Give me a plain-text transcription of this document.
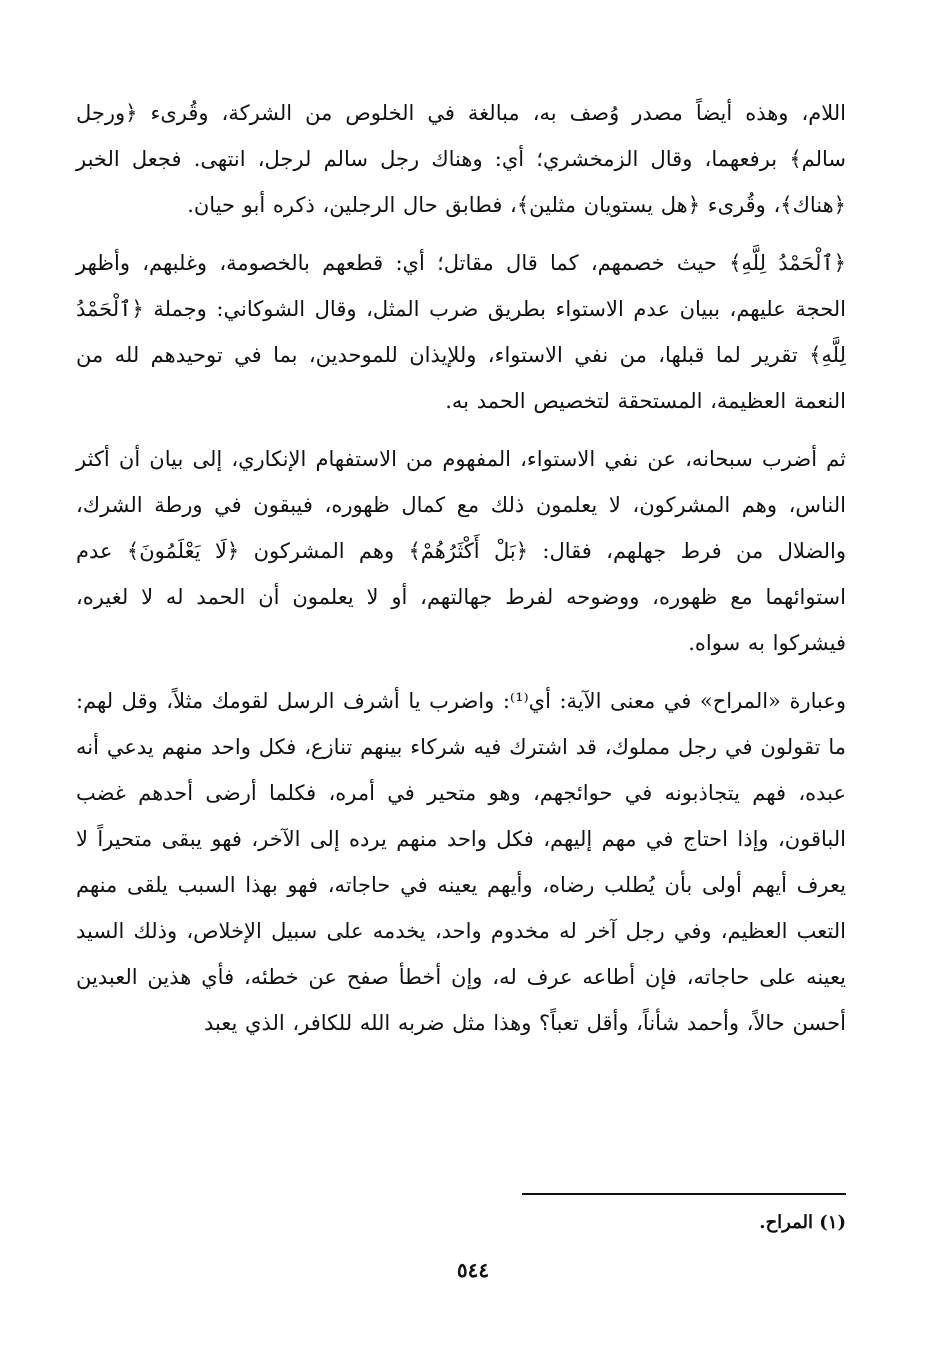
اللام، وهذه أيضاً مصدر وُصف به، مبالغة في الخلوص من الشركة، وقُرىء ﴿ورجل سالم﴾ برفعهما، وقال الزمخشري؛ أي: وهناك رجل سالم لرجل، انتهى. فجعل الخبر ﴿هناك﴾، وقُرىء ﴿هل يستويان مثلين﴾، فطابق حال الرجلين، ذكره أبو حيان.

﴿ٱلْحَمْدُ لِلَّهِ﴾ حيث خصمهم، كما قال مقاتل؛ أي: قطعهم بالخصومة، وغلبهم، وأظهر الحجة عليهم، ببيان عدم الاستواء بطريق ضرب المثل، وقال الشوكاني: وجملة ﴿ٱلْحَمْدُ لِلَّهِ﴾ تقرير لما قبلها، من نفي الاستواء، وللإيذان للموحدين، بما في توحيدهم لله من النعمة العظيمة، المستحقة لتخصيص الحمد به.

ثم أضرب سبحانه، عن نفي الاستواء، المفهوم من الاستفهام الإنكاري، إلى بيان أن أكثر الناس، وهم المشركون، لا يعلمون ذلك مع كمال ظهوره، فيبقون في ورطة الشرك، والضلال من فرط جهلهم، فقال: ﴿بَلْ أَكْثَرُهُمْ﴾ وهم المشركون ﴿لَا يَعْلَمُونَ﴾ عدم استوائهما مع ظهوره، ووضوحه لفرط جهالتهم، أو لا يعلمون أن الحمد له لا لغيره، فيشركوا به سواه.

وعبارة «المراح» في معنى الآية: أي⁽¹⁾: واضرب يا أشرف الرسل لقومك مثلاً، وقل لهم: ما تقولون في رجل مملوك، قد اشترك فيه شركاء بينهم تنازع، فكل واحد منهم يدعي أنه عبده، فهم يتجاذبونه في حوائجهم، وهو متحير في أمره، فكلما أرضى أحدهم غضب الباقون، وإذا احتاج في مهم إليهم، فكل واحد منهم يرده إلى الآخر، فهو يبقى متحيراً لا يعرف أيهم أولى بأن يُطلب رضاه، وأيهم يعينه في حاجاته، فهو بهذا السبب يلقى منهم التعب العظيم، وفي رجل آخر له مخدوم واحد، يخدمه على سبيل الإخلاص، وذلك السيد يعينه على حاجاته، فإن أطاعه عرف له، وإن أخطأ صفح عن خطئه، فأي هذين العبدين أحسن حالاً، وأحمد شأناً، وأقل تعباً؟ وهذا مثل ضربه الله للكافر، الذي يعبد

(١) المراح.
٥٤٤
